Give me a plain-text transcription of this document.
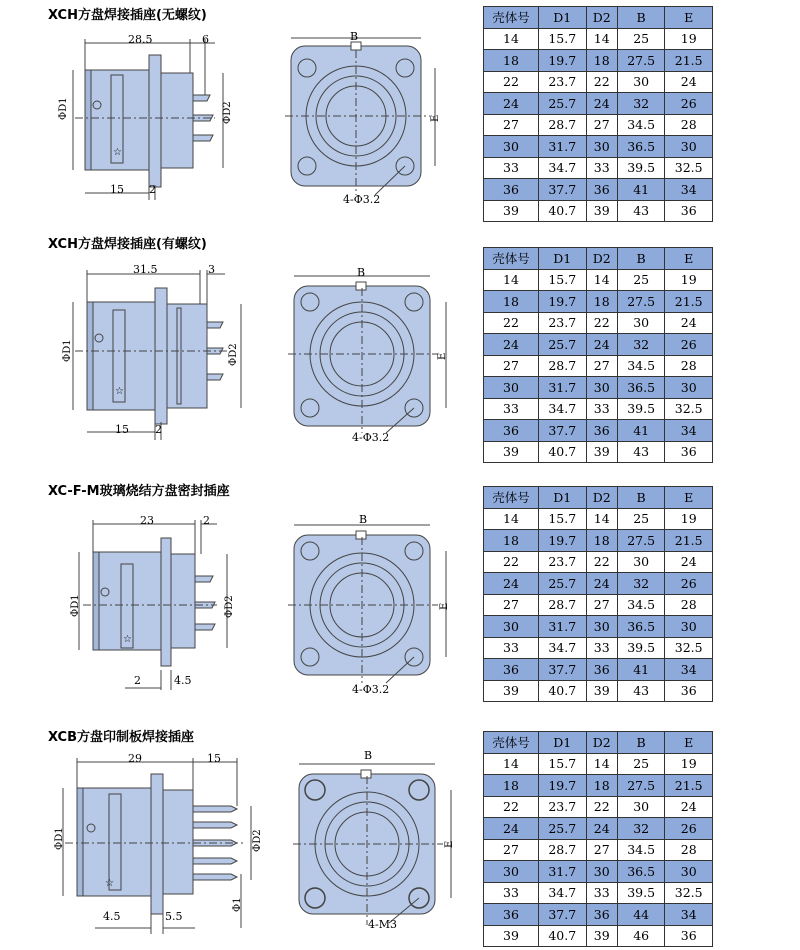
XCH方盘焊接插座(无螺纹)
☆
28.5	6
ΦD1	ΦD2
15 2
B
E
4-Φ3.2
壳体号	D1	D2	B	E
14	15.7	14	25	19
18	19.7	18	27.5	21.5
22	23.7	22	30	24
24	25.7	24	32	26
27	28.7	27	34.5	28
30	31.7	30	36.5	30
33	34.7	33	39.5	32.5
36	37.7	36	41	34
39	40.7	39	43	36
XCH方盘焊接插座(有螺纹)
☆
31.5	3
ΦD1	ΦD2
15 2
B
E
4-Φ3.2
壳体号	D1	D2	B	E
14	15.7	14	25	19
18	19.7	18	27.5	21.5
22	23.7	22	30	24
24	25.7	24	32	26
27	28.7	27	34.5	28
30	31.7	30	36.5	30
33	34.7	33	39.5	32.5
36	37.7	36	41	34
39	40.7	39	43	36
XC-F-M玻璃烧结方盘密封插座
☆
23	2
ΦD1	ΦD2
2	4.5
B
E
4-Φ3.2
壳体号	D1	D2	B	E
14	15.7	14	25	19
18	19.7	18	27.5	21.5
22	23.7	22	30	24
24	25.7	24	32	26
27	28.7	27	34.5	28
30	31.7	30	36.5	30
33	34.7	33	39.5	32.5
36	37.7	36	41	34
39	40.7	39	43	36
XCB方盘印制板焊接插座
☆
29	15
ΦD1	ΦD2
Φ1
4.5	5.5
B
E
4-M3
壳体号	D1	D2	B	E
14	15.7	14	25	19
18	19.7	18	27.5	21.5
22	23.7	22	30	24
24	25.7	24	32	26
27	28.7	27	34.5	28
30	31.7	30	36.5	30
33	34.7	33	39.5	32.5
36	37.7	36	44	34
39	40.7	39	46	36
